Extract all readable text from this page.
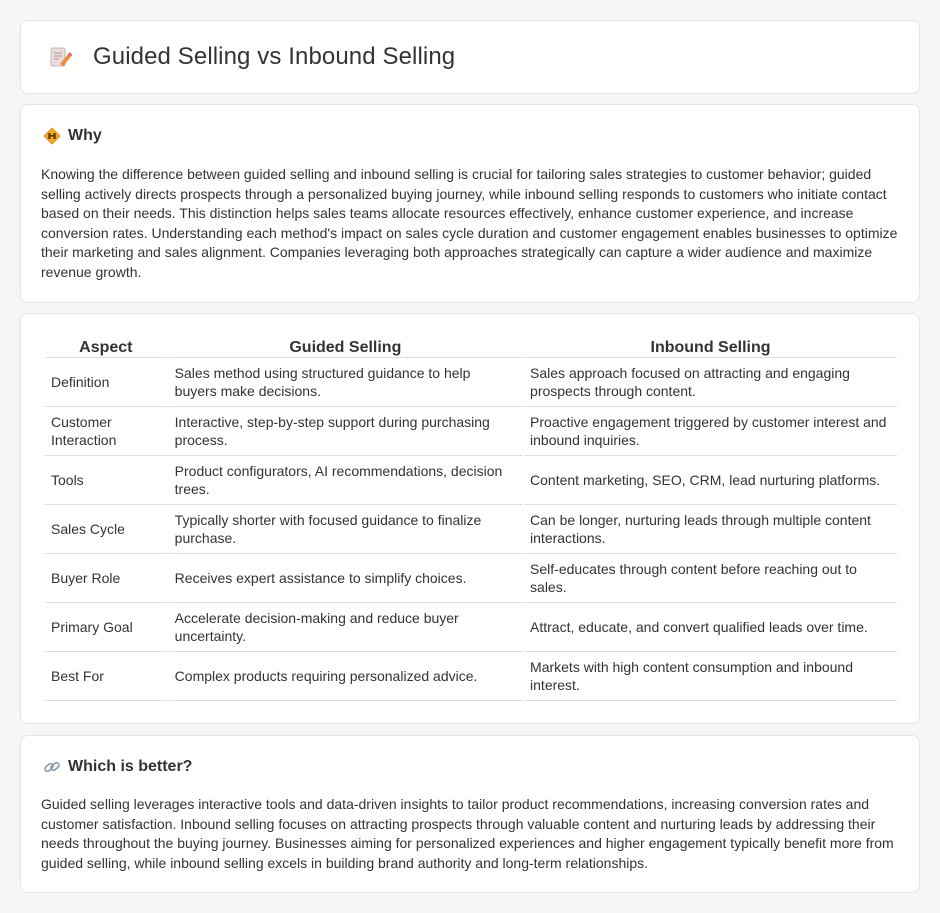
Guided Selling vs Inbound Selling
Why

Knowing the difference between guided selling and inbound selling is crucial for tailoring sales strategies to customer behavior; guided selling actively directs prospects through a personalized buying journey, while inbound selling responds to customers who initiate contact based on their needs. This distinction helps sales teams allocate resources effectively, enhance customer experience, and increase conversion rates. Understanding each method's impact on sales cycle duration and customer engagement enables businesses to optimize their marketing and sales alignment. Companies leveraging both approaches strategically can capture a wider audience and maximize revenue growth.

Aspect	Guided Selling	Inbound Selling
Definition	Sales method using structured guidance to help buyers make decisions.	Sales approach focused on attracting and engaging prospects through content.
Customer Interaction	Interactive, step-by-step support during purchasing process.	Proactive engagement triggered by customer interest and inbound inquiries.
Tools	Product configurators, AI recommendations, decision trees.	Content marketing, SEO, CRM, lead nurturing platforms.
Sales Cycle	Typically shorter with focused guidance to finalize purchase.	Can be longer, nurturing leads through multiple content interactions.
Buyer Role	Receives expert assistance to simplify choices.	Self-educates through content before reaching out to sales.
Primary Goal	Accelerate decision-making and reduce buyer uncertainty.	Attract, educate, and convert qualified leads over time.
Best For	Complex products requiring personalized advice.	Markets with high content consumption and inbound interest.
Which is better?

Guided selling leverages interactive tools and data-driven insights to tailor product recommendations, increasing conversion rates and customer satisfaction. Inbound selling focuses on attracting prospects through valuable content and nurturing leads by addressing their needs throughout the buying journey. Businesses aiming for personalized experiences and higher engagement typically benefit more from guided selling, while inbound selling excels in building brand authority and long-term relationships.
